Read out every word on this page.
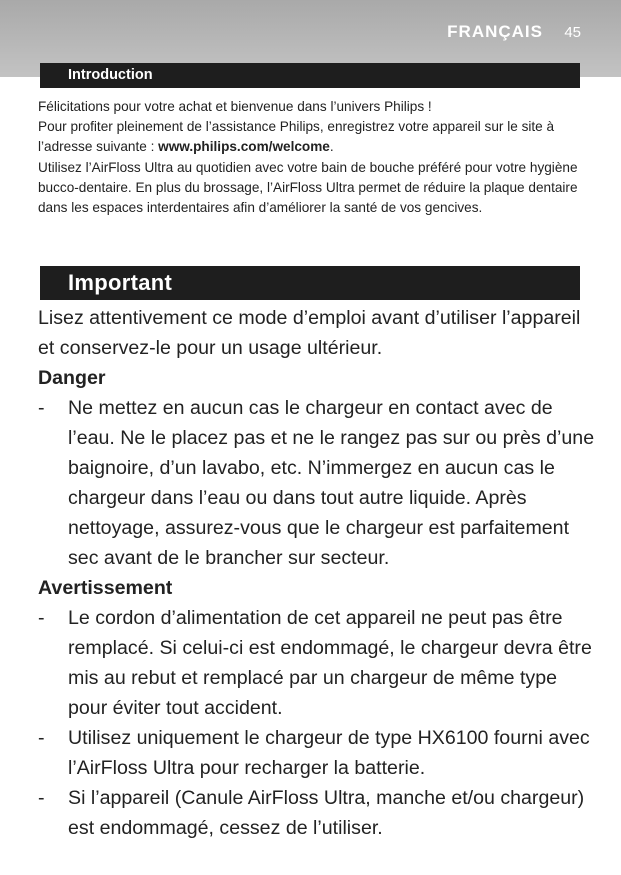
FRANÇAIS 45
Introduction

Félicitations pour votre achat et bienvenue dans l’univers Philips !

Pour profiter pleinement de l’assistance Philips, enregistrez votre appareil sur le site à l’adresse suivante : www.philips.com/welcome.

Utilisez l’AirFloss Ultra au quotidien avec votre bain de bouche préféré pour votre hygiène bucco-dentaire. En plus du brossage, l’AirFloss Ultra permet de réduire la plaque dentaire dans les espaces interdentaires afin d’améliorer la santé de vos gencives.

Important

Lisez attentivement ce mode d’emploi avant d’utiliser l’appareil et conservez-le pour un usage ultérieur.

Danger

-	Ne mettez en aucun cas le chargeur en contact avec de l’eau. Ne le placez pas et ne le rangez pas sur ou près d’une baignoire, d’un lavabo, etc. N’immergez en aucun cas le chargeur dans l’eau ou dans tout autre liquide. Après nettoyage, assurez-vous que le chargeur est parfaitement sec avant de le brancher sur secteur.

Avertissement

-	Le cordon d’alimentation de cet appareil ne peut pas être remplacé. Si celui-ci est endommagé, le chargeur devra être mis au rebut et remplacé par un chargeur de même type pour éviter tout accident.
-	Utilisez uniquement le chargeur de type HX6100 fourni avec l’AirFloss Ultra pour recharger la batterie.
-	Si l’appareil (Canule AirFloss Ultra, manche et/ou chargeur) est endommagé, cessez de l’utiliser.
